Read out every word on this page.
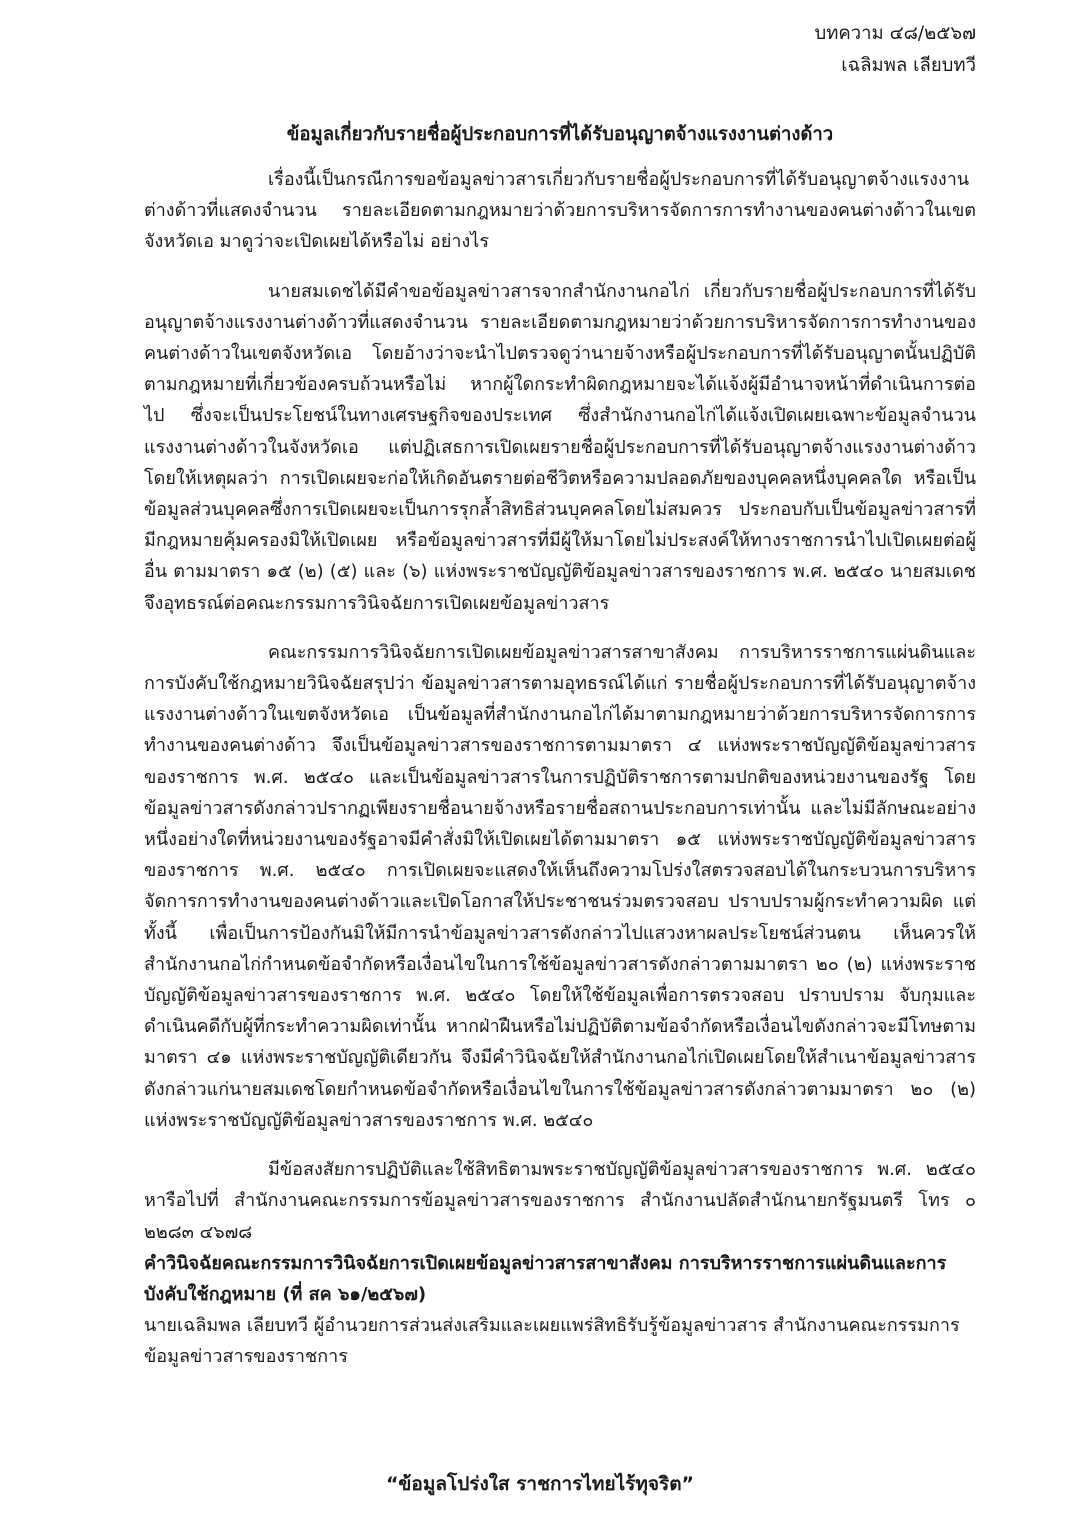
บทความ ๔๘/๒๕๖๗
เฉลิมพล เลียบทวี
ข้อมูลเกี่ยวกับรายชื่อผู้ประกอบการที่ได้รับอนุญาตจ้างแรงงานต่างด้าว

เรื่องนี้เป็นกรณีการขอข้อมูลข่าวสารเกี่ยวกับรายชื่อผู้ประกอบการที่ได้รับอนุญาตจ้างแรงงานต่างด้าวที่แสดงจำนวน รายละเอียดตามกฎหมายว่าด้วยการบริหารจัดการการทำงานของคนต่างด้าวในเขตจังหวัดเอ มาดูว่าจะเปิดเผยได้หรือไม่ อย่างไร

นายสมเดชได้มีคำขอข้อมูลข่าวสารจากสำนักงานกอไก่ เกี่ยวกับรายชื่อผู้ประกอบการที่ได้รับอนุญาตจ้างแรงงานต่างด้าวที่แสดงจำนวน รายละเอียดตามกฎหมายว่าด้วยการบริหารจัดการการทำงานของคนต่างด้าวในเขตจังหวัดเอ โดยอ้างว่าจะนำไปตรวจดูว่านายจ้างหรือผู้ประกอบการที่ได้รับอนุญาตนั้นปฏิบัติตามกฎหมายที่เกี่ยวข้องครบถ้วนหรือไม่ หากผู้ใดกระทำผิดกฎหมายจะได้แจ้งผู้มีอำนาจหน้าที่ดำเนินการต่อไป ซึ่งจะเป็นประโยชน์ในทางเศรษฐกิจของประเทศ ซึ่งสำนักงานกอไก่ได้แจ้งเปิดเผยเฉพาะข้อมูลจำนวนแรงงานต่างด้าวในจังหวัดเอ แต่ปฏิเสธการเปิดเผยรายชื่อผู้ประกอบการที่ได้รับอนุญาตจ้างแรงงานต่างด้าว โดยให้เหตุผลว่า การเปิดเผยจะก่อให้เกิดอันตรายต่อชีวิตหรือความปลอดภัยของบุคคลหนึ่งบุคคลใด หรือเป็นข้อมูลส่วนบุคคลซึ่งการเปิดเผยจะเป็นการรุกล้ำสิทธิส่วนบุคคลโดยไม่สมควร ประกอบกับเป็นข้อมูลข่าวสารที่มีกฎหมายคุ้มครองมิให้เปิดเผย หรือข้อมูลข่าวสารที่มีผู้ให้มาโดยไม่ประสงค์ให้ทางราชการนำไปเปิดเผยต่อผู้อื่น ตามมาตรา ๑๕ (๒) (๕) และ (๖) แห่งพระราชบัญญัติข้อมูลข่าวสารของราชการ พ.ศ. ๒๕๔๐ นายสมเดชจึงอุทธรณ์ต่อคณะกรรมการวินิจฉัยการเปิดเผยข้อมูลข่าวสาร

คณะกรรมการวินิจฉัยการเปิดเผยข้อมูลข่าวสารสาขาสังคม การบริหารราชการแผ่นดินและการบังคับใช้กฎหมายวินิจฉัยสรุปว่า ข้อมูลข่าวสารตามอุทธรณ์ได้แก่ รายชื่อผู้ประกอบการที่ได้รับอนุญาตจ้างแรงงานต่างด้าวในเขตจังหวัดเอ เป็นข้อมูลที่สำนักงานกอไก่ได้มาตามกฎหมายว่าด้วยการบริหารจัดการการทำงานของคนต่างด้าว จึงเป็นข้อมูลข่าวสารของราชการตามมาตรา ๔ แห่งพระราชบัญญัติข้อมูลข่าวสารของราชการ พ.ศ. ๒๕๔๐ และเป็นข้อมูลข่าวสารในการปฏิบัติราชการตามปกติของหน่วยงานของรัฐ โดยข้อมูลข่าวสารดังกล่าวปรากฏเพียงรายชื่อนายจ้างหรือรายชื่อสถานประกอบการเท่านั้น และไม่มีลักษณะอย่างหนึ่งอย่างใดที่หน่วยงานของรัฐอาจมีคำสั่งมิให้เปิดเผยได้ตามมาตรา ๑๕ แห่งพระราชบัญญัติข้อมูลข่าวสารของราชการ พ.ศ. ๒๕๔๐ การเปิดเผยจะแสดงให้เห็นถึงความโปร่งใสตรวจสอบได้ในกระบวนการบริหารจัดการการทำงานของคนต่างด้าวและเปิดโอกาสให้ประชาชนร่วมตรวจสอบ ปราบปรามผู้กระทำความผิด แต่ทั้งนี้ เพื่อเป็นการป้องกันมิให้มีการนำข้อมูลข่าวสารดังกล่าวไปแสวงหาผลประโยชน์ส่วนตน เห็นควรให้สำนักงานกอไก่กำหนดข้อจำกัดหรือเงื่อนไขในการใช้ข้อมูลข่าวสารดังกล่าวตามมาตรา ๒๐ (๒) แห่งพระราชบัญญัติข้อมูลข่าวสารของราชการ พ.ศ. ๒๕๔๐ โดยให้ใช้ข้อมูลเพื่อการตรวจสอบ ปราบปราม จับกุมและดำเนินคดีกับผู้ที่กระทำความผิดเท่านั้น หากฝ่าฝืนหรือไม่ปฏิบัติตามข้อจำกัดหรือเงื่อนไขดังกล่าวจะมีโทษตามมาตรา ๔๑ แห่งพระราชบัญญัติเดียวกัน จึงมีคำวินิจฉัยให้สำนักงานกอไก่เปิดเผยโดยให้สำเนาข้อมูลข่าวสารดังกล่าวแก่นายสมเดชโดยกำหนดข้อจำกัดหรือเงื่อนไขในการใช้ข้อมูลข่าวสารดังกล่าวตามมาตรา ๒๐ (๒) แห่งพระราชบัญญัติข้อมูลข่าวสารของราชการ พ.ศ. ๒๕๔๐

มีข้อสงสัยการปฏิบัติและใช้สิทธิตามพระราชบัญญัติข้อมูลข่าวสารของราชการ พ.ศ. ๒๕๔๐ หารือไปที่ สำนักงานคณะกรรมการข้อมูลข่าวสารของราชการ สำนักงานปลัดสำนักนายกรัฐมนตรี โทร ๐ ๒๒๘๓ ๔๖๗๘

คำวินิจฉัยคณะกรรมการวินิจฉัยการเปิดเผยข้อมูลข่าวสารสาขาสังคม การบริหารราชการแผ่นดินและการบังคับใช้กฎหมาย (ที่ สค ๖๑/๒๕๖๗)

นายเฉลิมพล เลียบทวี ผู้อำนวยการส่วนส่งเสริมและเผยแพร่สิทธิรับรู้ข้อมูลข่าวสาร สำนักงานคณะกรรมการข้อมูลข่าวสารของราชการ

“ข้อมูลโปร่งใส ราชการไทยไร้ทุจริต”
